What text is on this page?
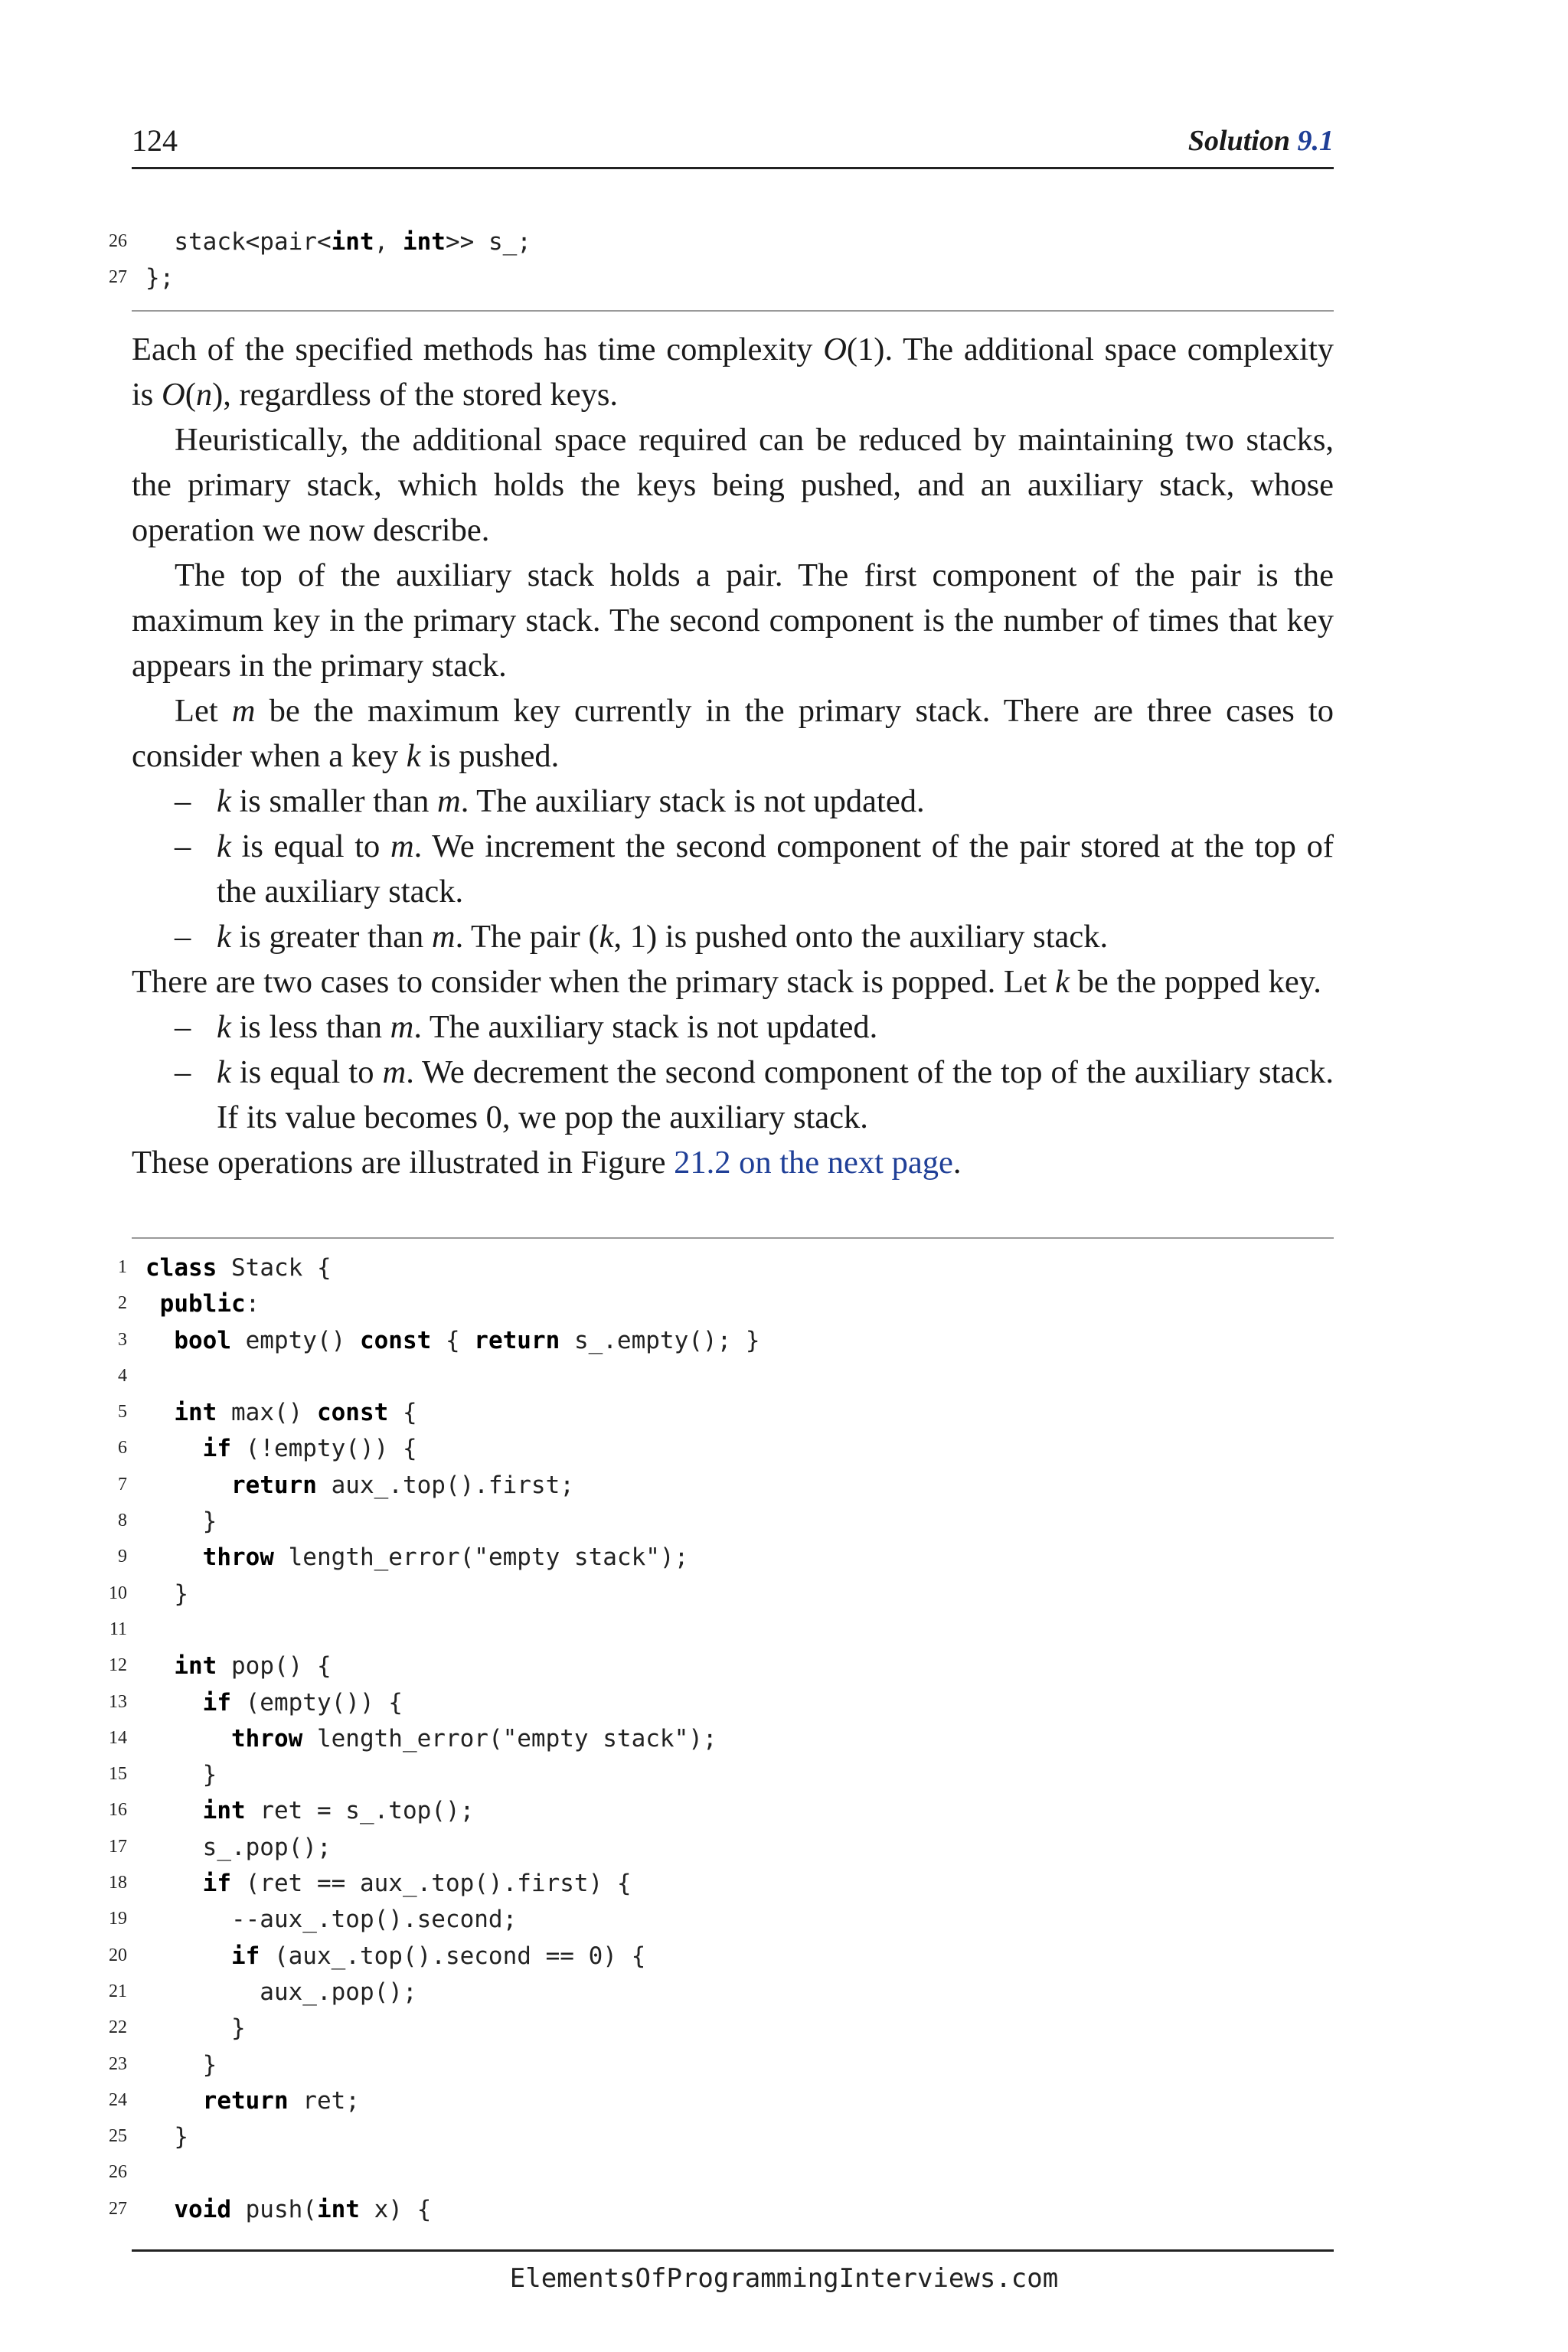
124	Solution 9.1
26 stack<pair<int, int>> s_;
27 };

Each of the specified methods has time complexity O(1). The additional space complexity is O(n), regardless of the stored keys.

Heuristically, the additional space required can be reduced by maintaining two stacks, the primary stack, which holds the keys being pushed, and an auxiliary stack, whose operation we now describe.

The top of the auxiliary stack holds a pair. The first component of the pair is the maximum key in the primary stack. The second component is the number of times that key appears in the primary stack.

Let m be the maximum key currently in the primary stack. There are three cases to consider when a key k is pushed.

– k is smaller than m. The auxiliary stack is not updated.
– k is equal to m. We increment the second component of the pair stored at the top of the auxiliary stack.
– k is greater than m. The pair (k, 1) is pushed onto the auxiliary stack.

There are two cases to consider when the primary stack is popped. Let k be the popped key.

– k is less than m. The auxiliary stack is not updated.
– k is equal to m. We decrement the second component of the top of the auxiliary stack. If its value becomes 0, we pop the auxiliary stack.

These operations are illustrated in Figure 21.2 on the next page.

1 class Stack {
2	public:
3	bool empty() const { return s_.empty(); }
4
5	int max() const {
6	if (!empty()) {
7	return aux_.top().first;
8 }
9	throw length_error("empty stack");
10 }
11
12	int pop() {
13	if (empty()) {
14	throw length_error("empty stack");
15 }
16	int ret = s_.top();
17 s_.pop();
18	if (ret == aux_.top().first) {
19 --aux_.top().second;
20	if (aux_.top().second == 0) {
21 aux_.pop();
22 }
23 }
24	return ret;
25 }
26
27	void push(int x) {
ElementsOfProgrammingInterviews.com
